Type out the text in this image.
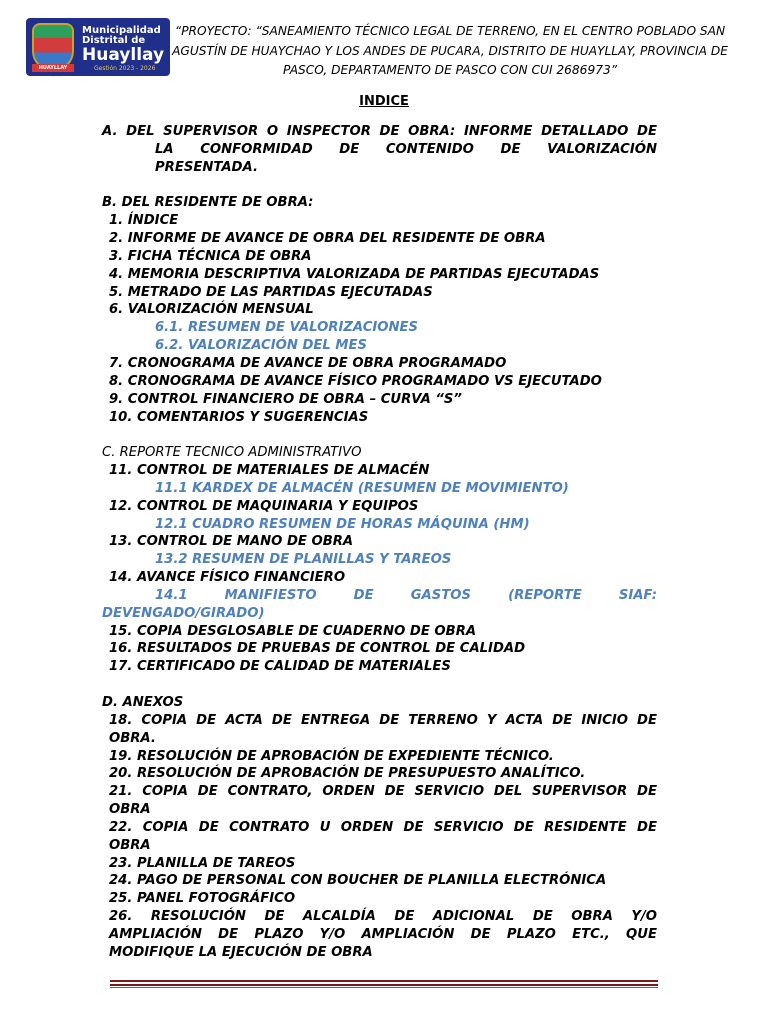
HUAYLLAY
Municipalidad
Distrital de
Huayllay
Gestión 2023 - 2026
“PROYECTO: “SANEAMIENTO TÉCNICO LEGAL DE TERRENO, EN EL CENTRO POBLADO SAN AGUSTÍN DE HUAYCHAO Y LOS ANDES DE PUCARA, DISTRITO DE HUAYLLAY, PROVINCIA DE PASCO, DEPARTAMENTO DE PASCO CON CUI 2686973”
INDICE
A. DEL SUPERVISOR O INSPECTOR DE OBRA: INFORME DETALLADO DE
LA CONFORMIDAD DE CONTENIDO DE VALORIZACIÓN
PRESENTADA.
B. DEL RESIDENTE DE OBRA:
1. ÍNDICE
2. INFORME DE AVANCE DE OBRA DEL RESIDENTE DE OBRA
3. FICHA TÉCNICA DE OBRA
4. MEMORIA DESCRIPTIVA VALORIZADA DE PARTIDAS EJECUTADAS
5. METRADO DE LAS PARTIDAS EJECUTADAS
6. VALORIZACIÓN MENSUAL
6.1. RESUMEN DE VALORIZACIONES
6.2. VALORIZACIÓN DEL MES
7. CRONOGRAMA DE AVANCE DE OBRA PROGRAMADO
8. CRONOGRAMA DE AVANCE FÍSICO PROGRAMADO VS EJECUTADO
9. CONTROL FINANCIERO DE OBRA – CURVA “S”
10. COMENTARIOS Y SUGERENCIAS
C. REPORTE TECNICO ADMINISTRATIVO
11. CONTROL DE MATERIALES DE ALMACÉN
11.1 KARDEX DE ALMACÉN (RESUMEN DE MOVIMIENTO)
12. CONTROL DE MAQUINARIA Y EQUIPOS
12.1 CUADRO RESUMEN DE HORAS MÁQUINA (HM)
13. CONTROL DE MANO DE OBRA
13.2 RESUMEN DE PLANILLAS Y TAREOS
14. AVANCE FÍSICO FINANCIERO
14.1 MANIFIESTO DE GASTOS (REPORTE SIAF:
DEVENGADO/GIRADO)
15. COPIA DESGLOSABLE DE CUADERNO DE OBRA
16. RESULTADOS DE PRUEBAS DE CONTROL DE CALIDAD
17. CERTIFICADO DE CALIDAD DE MATERIALES
D. ANEXOS
18. COPIA DE ACTA DE ENTREGA DE TERRENO Y ACTA DE INICIO DE
OBRA.
19. RESOLUCIÓN DE APROBACIÓN DE EXPEDIENTE TÉCNICO.
20. RESOLUCIÓN DE APROBACIÓN DE PRESUPUESTO ANALÍTICO.
21. COPIA DE CONTRATO, ORDEN DE SERVICIO DEL SUPERVISOR DE
OBRA
22. COPIA DE CONTRATO U ORDEN DE SERVICIO DE RESIDENTE DE
OBRA
23. PLANILLA DE TAREOS
24. PAGO DE PERSONAL CON BOUCHER DE PLANILLA ELECTRÓNICA
25. PANEL FOTOGRÁFICO
26. RESOLUCIÓN DE ALCALDÍA DE ADICIONAL DE OBRA Y/O
AMPLIACIÓN DE PLAZO Y/O AMPLIACIÓN DE PLAZO ETC., QUE
MODIFIQUE LA EJECUCIÓN DE OBRA
